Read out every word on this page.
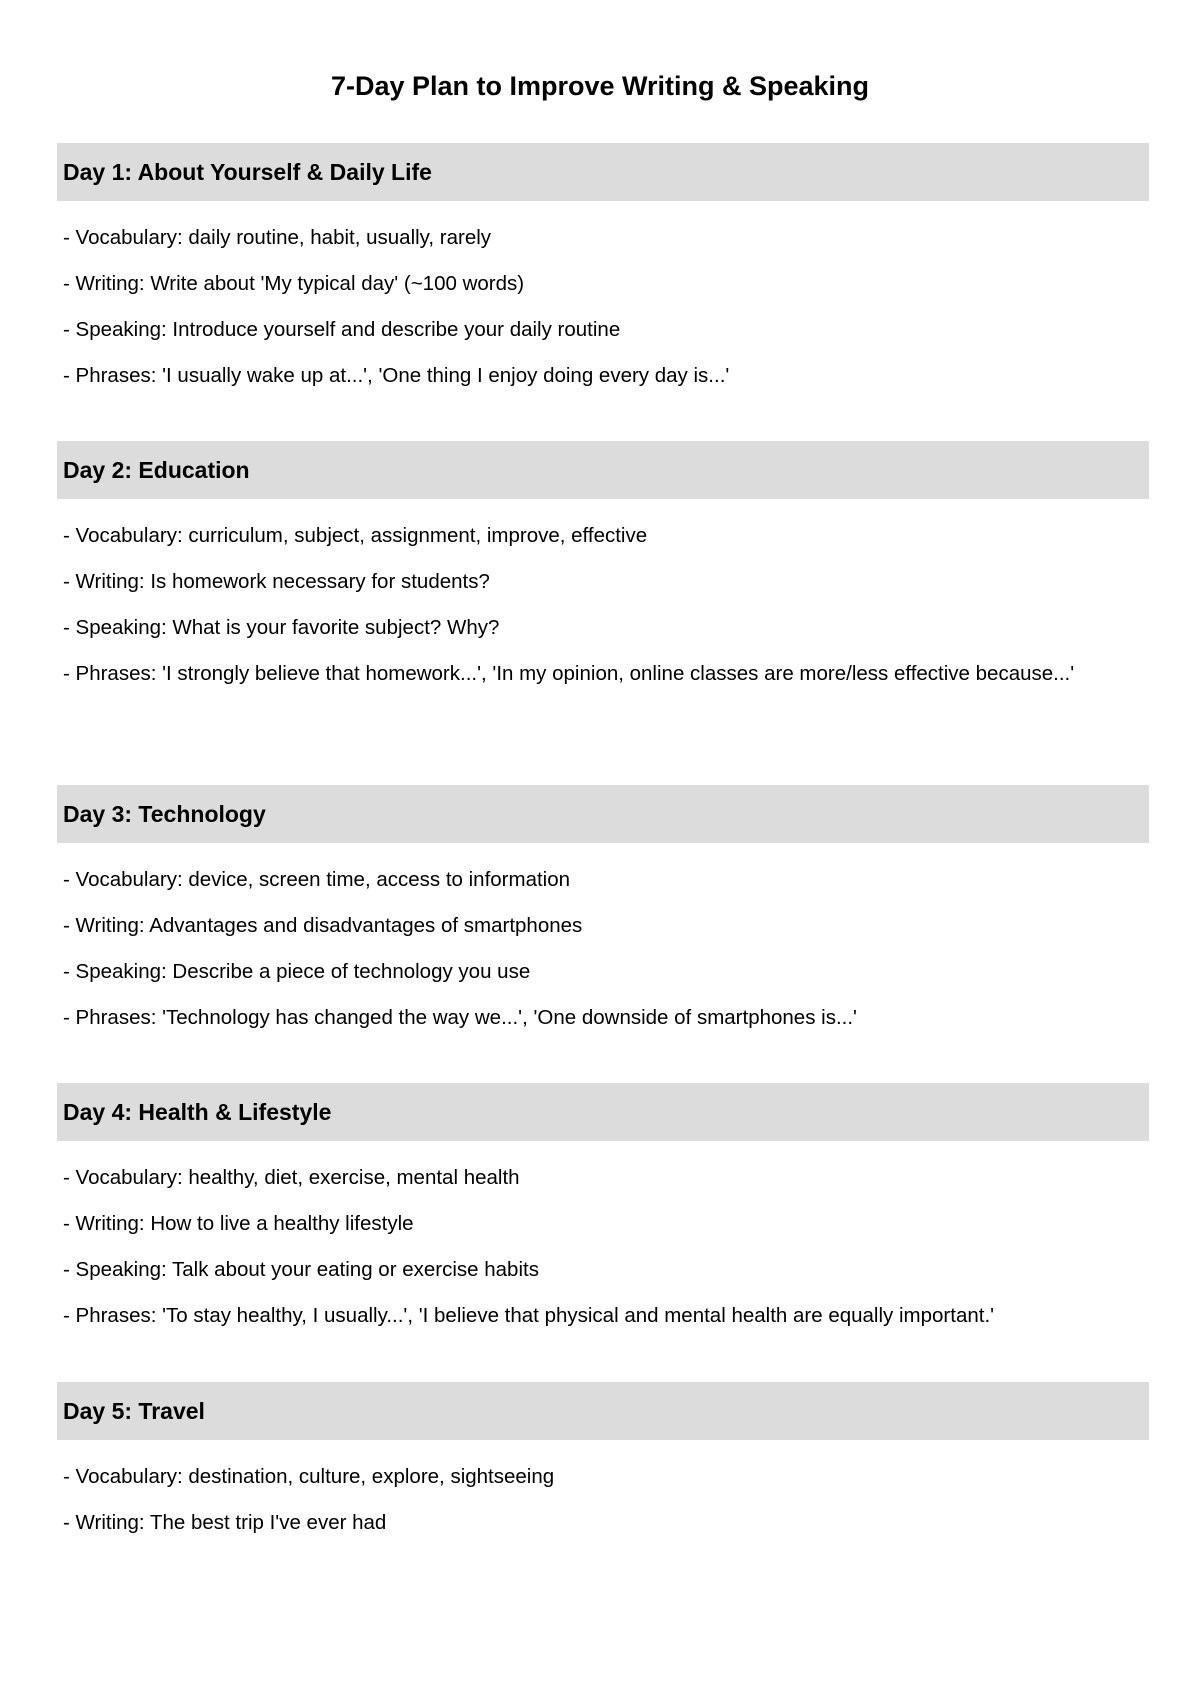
7-Day Plan to Improve Writing & Speaking
Day 1: About Yourself & Daily Life
- Vocabulary: daily routine, habit, usually, rarely
- Writing: Write about 'My typical day' (~100 words)
- Speaking: Introduce yourself and describe your daily routine
- Phrases: 'I usually wake up at...', 'One thing I enjoy doing every day is...'
Day 2: Education
- Vocabulary: curriculum, subject, assignment, improve, effective
- Writing: Is homework necessary for students?
- Speaking: What is your favorite subject? Why?
- Phrases: 'I strongly believe that homework...', 'In my opinion, online classes are more/less effective because...'
Day 3: Technology
- Vocabulary: device, screen time, access to information
- Writing: Advantages and disadvantages of smartphones
- Speaking: Describe a piece of technology you use
- Phrases: 'Technology has changed the way we...', 'One downside of smartphones is...'
Day 4: Health & Lifestyle
- Vocabulary: healthy, diet, exercise, mental health
- Writing: How to live a healthy lifestyle
- Speaking: Talk about your eating or exercise habits
- Phrases: 'To stay healthy, I usually...', 'I believe that physical and mental health are equally important.'
Day 5: Travel
- Vocabulary: destination, culture, explore, sightseeing
- Writing: The best trip I've ever had
